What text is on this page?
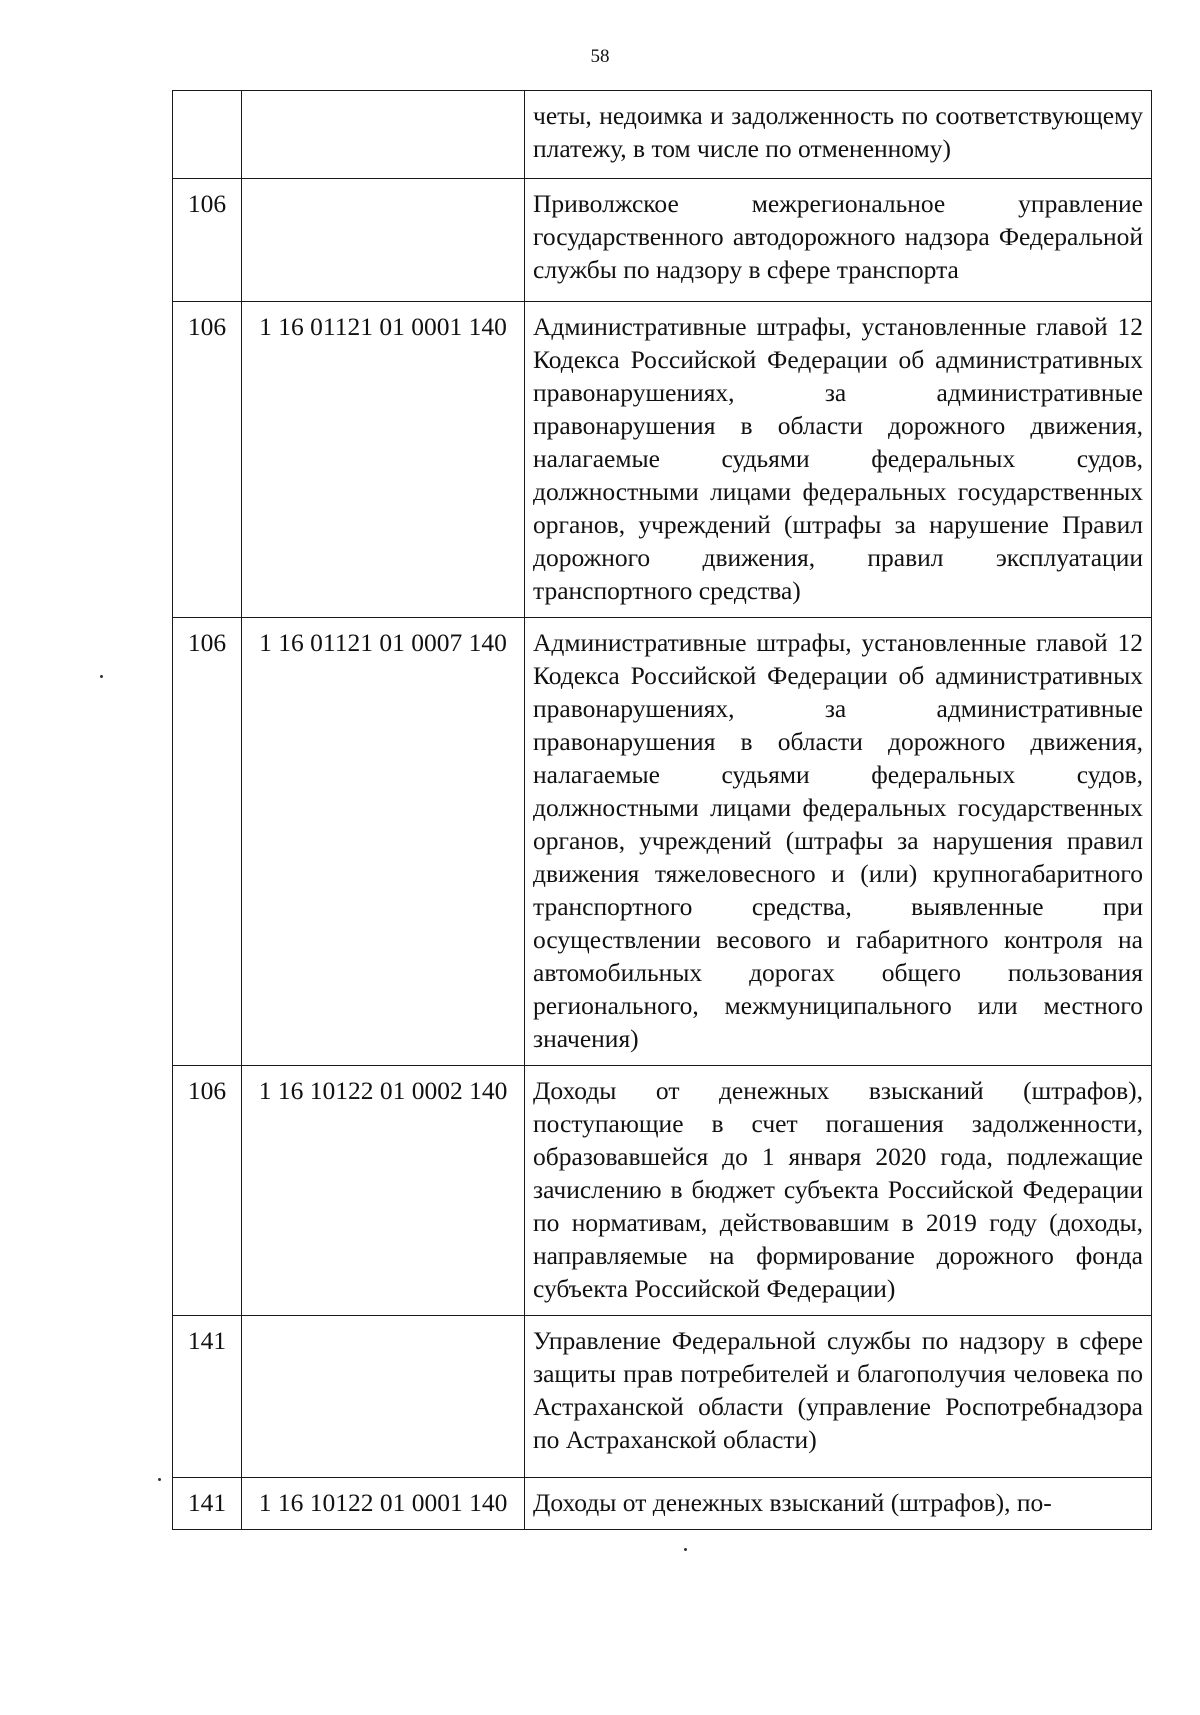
58
		четы, недоимка и задолженность по соответствующему платежу, в том числе по отмененному)
106		Приволжское межрегиональное управление государственного автодорожного надзора Федеральной службы по надзору в сфере транспорта
106	1 16 01121 01 0001 140	Административные штрафы, установленные главой 12 Кодекса Российской Федерации об административных правонарушениях, за административные правонарушения в области дорожного движения, налагаемые судьями федеральных судов, должностными лицами федеральных государственных органов, учреждений (штрафы за нарушение Правил дорожного движения, правил эксплуатации транспортного средства)
106	1 16 01121 01 0007 140	Административные штрафы, установленные главой 12 Кодекса Российской Федерации об административных правонарушениях, за административные правонарушения в области дорожного движения, налагаемые судьями федеральных судов, должностными лицами федеральных государственных органов, учреждений (штрафы за нарушения правил движения тяжеловесного и (или) крупногабаритного транспортного средства, выявленные при осуществлении весового и габаритного контроля на автомобильных дорогах общего пользования регионального, межмуниципального или местного значения)
106	1 16 10122 01 0002 140	Доходы от денежных взысканий (штрафов), поступающие в счет погашения задолженности, образовавшейся до 1 января 2020 года, подлежащие зачислению в бюджет субъекта Российской Федерации по нормативам, действовавшим в 2019 году (доходы, направляемые на формирование дорожного фонда субъекта Российской Федерации)
141		Управление Федеральной службы по надзору в сфере защиты прав потребителей и благополучия человека по Астраханской области (управление Роспотребнадзора по Астраханской области)
141	1 16 10122 01 0001 140	Доходы от денежных взысканий (штрафов), по-
